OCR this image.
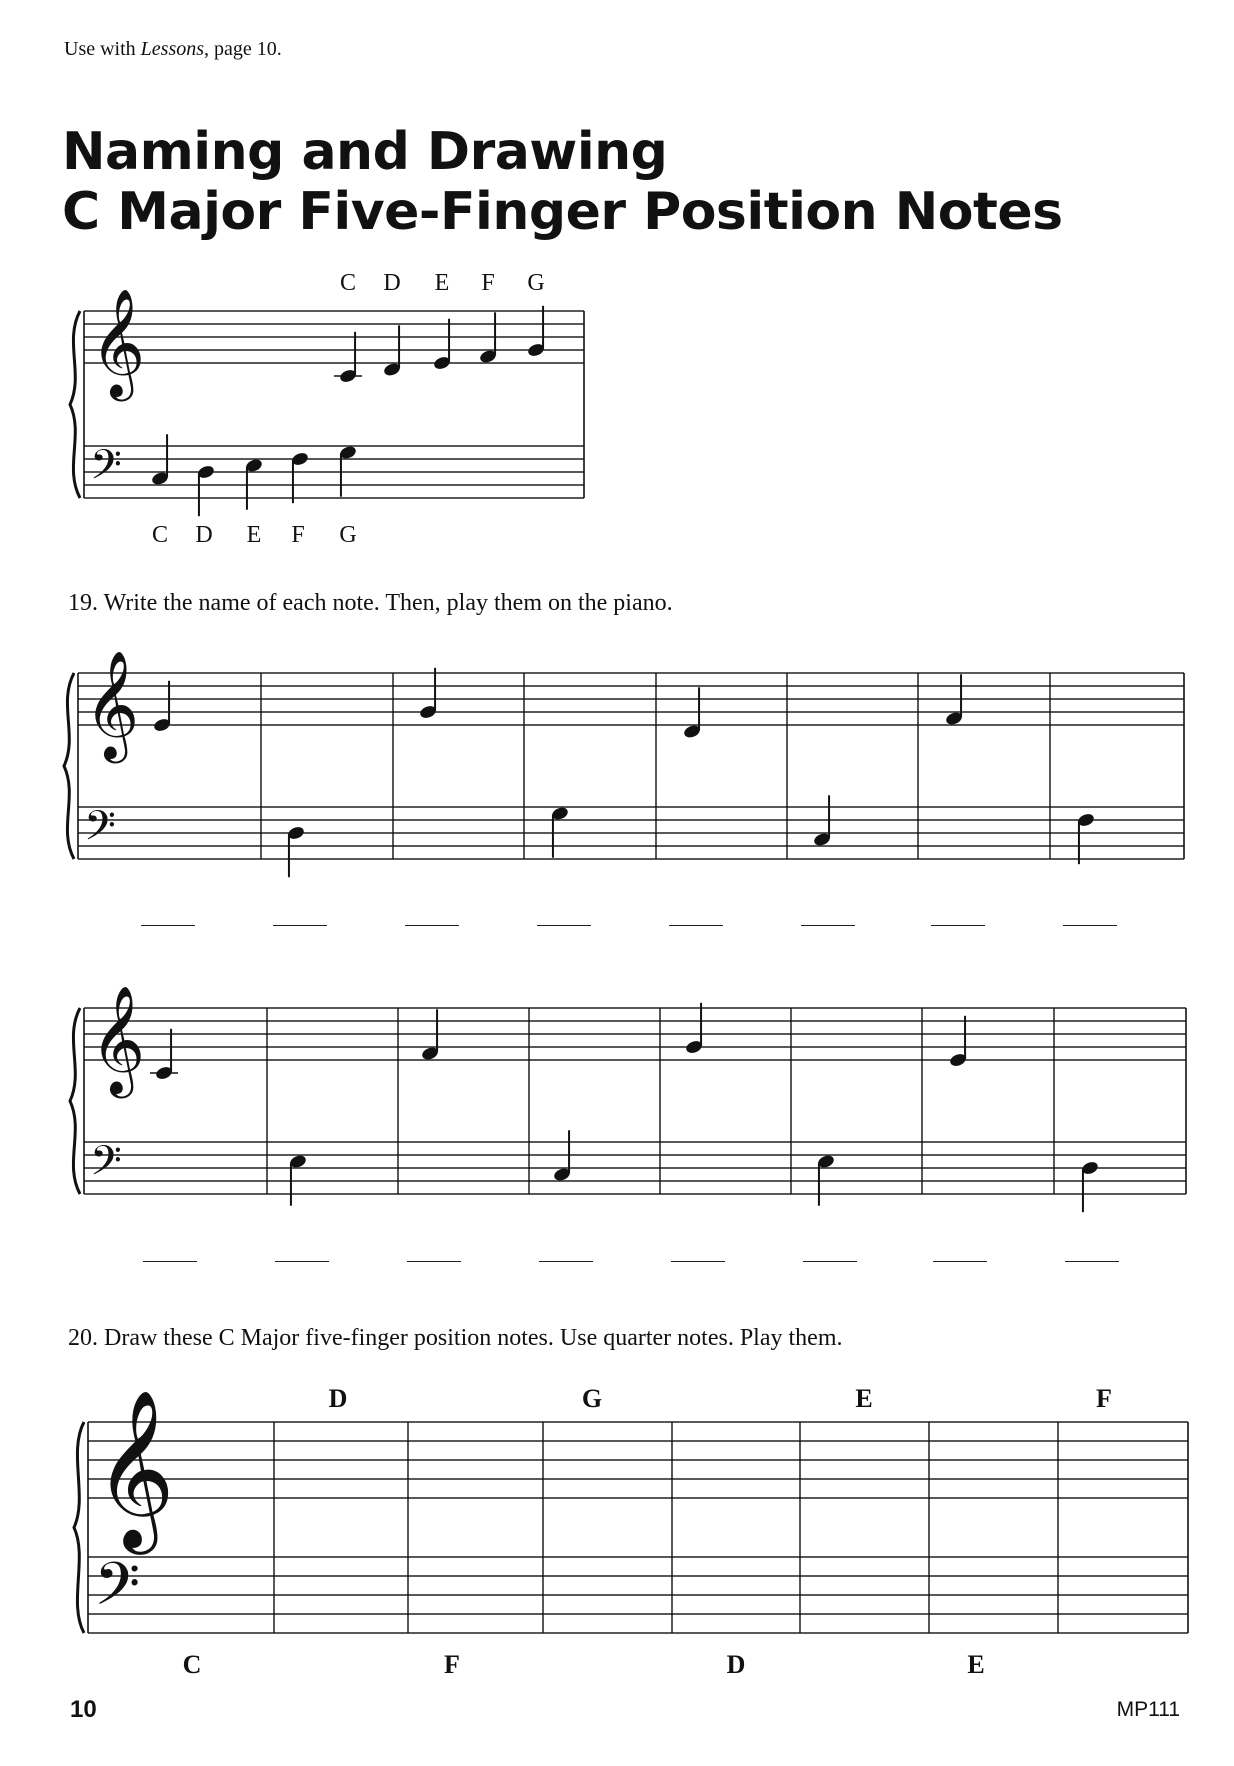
Use with Lessons, page 10.
Naming and Drawing
C Major Five-Finger Position Notes
C	D	E	F	G
𝄞
𝄢
C	D	E	F	G
19. Write the name of each note. Then, play them on the piano.
𝄞
𝄢
𝄞
𝄢
20. Draw these C Major five-finger position notes. Use quarter notes. Play them.
D	G	E	F
𝄞
𝄢
C	F	D	E
10	MP111
